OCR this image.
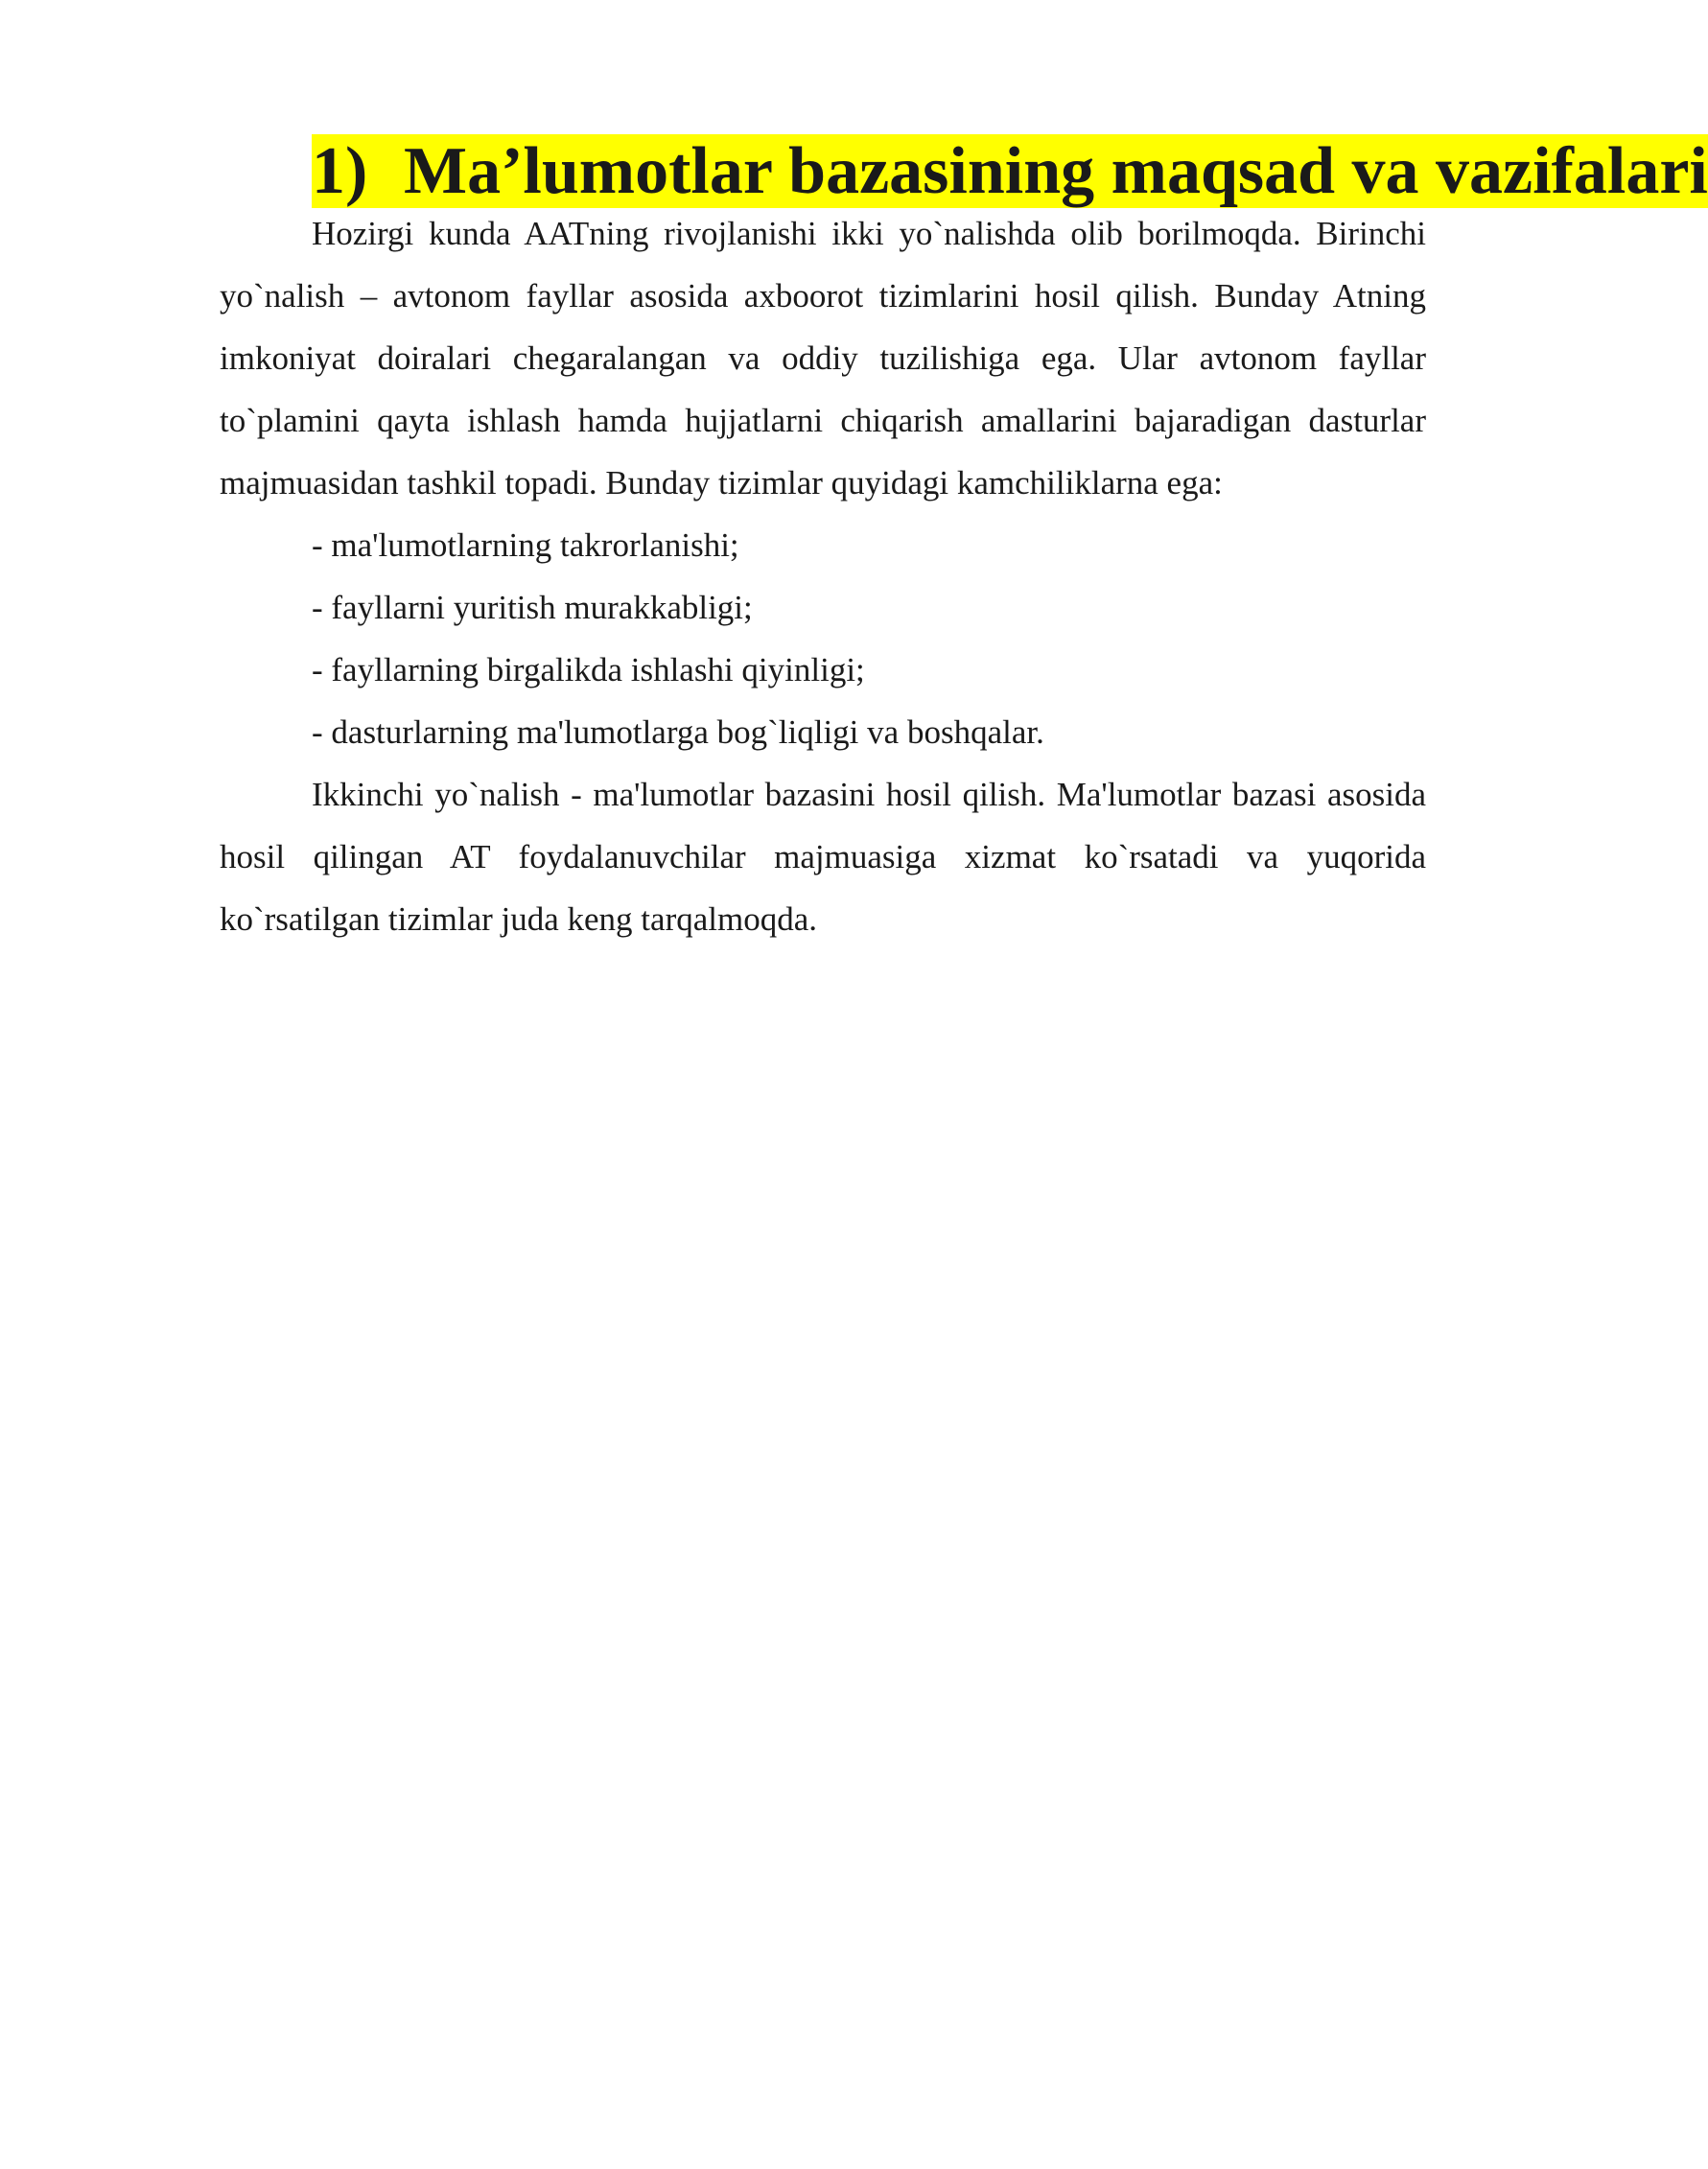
1) Ma’lumotlar bazasining maqsad va vazifalari

Hozirgi kunda AATning rivojlanishi ikki yo`nalishda olib borilmoqda. Birinchi yo`nalish – avtonom fayllar asosida axboorot tizimlarini hosil qilish. Bunday Atning imkoniyat doiralari chegaralangan va oddiy tuzilishiga ega. Ular avtonom fayllar to`plamini qayta ishlash hamda hujjatlarni chiqarish amallarini bajaradigan dasturlar majmuasidan tashkil topadi. Bunday tizimlar quyidagi kamchiliklarna ega:

- ma'lumotlarning takrorlanishi;
- fayllarni yuritish murakkabligi;
- fayllarning birgalikda ishlashi qiyinligi;
- dasturlarning ma'lumotlarga bog`liqligi va boshqalar.

Ikkinchi yo`nalish - ma'lumotlar bazasini hosil qilish. Ma'lumotlar bazasi asosida hosil qilingan AT foydalanuvchilar majmuasiga xizmat ko`rsatadi va yuqorida ko`rsatilgan tizimlar juda keng tarqalmoqda.
